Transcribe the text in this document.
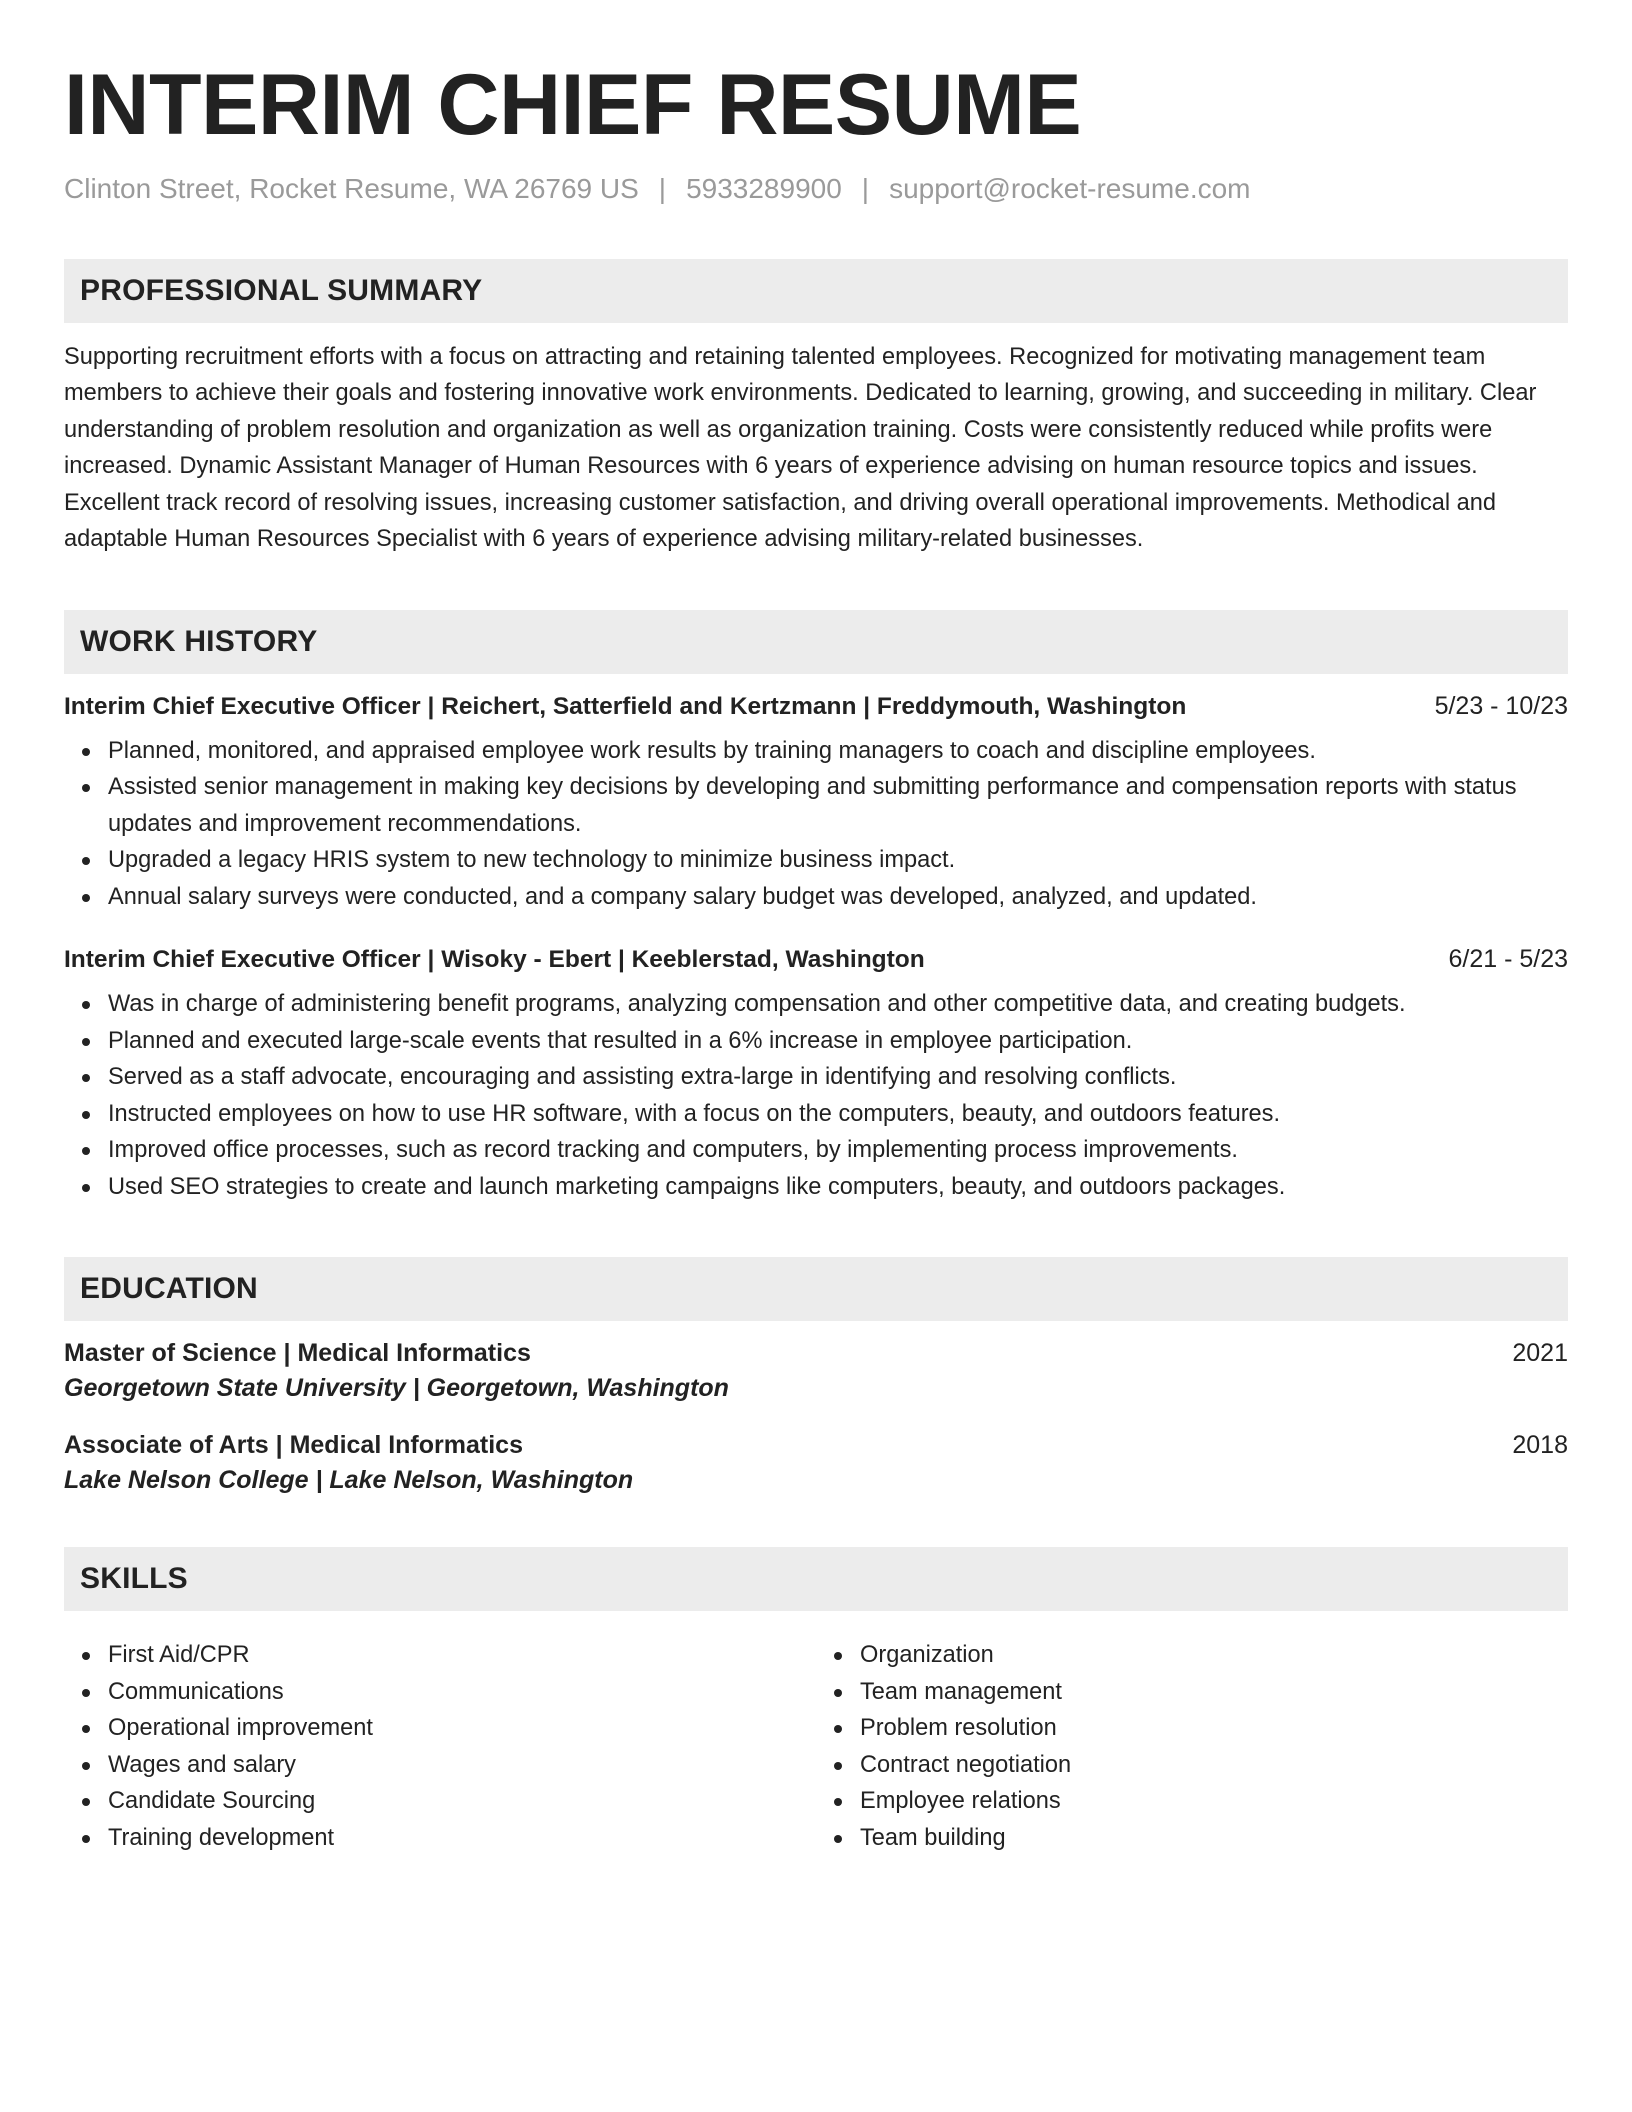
INTERIM CHIEF RESUME
Clinton Street, Rocket Resume, WA 26769 US | 5933289900 | support@rocket-resume.com
PROFESSIONAL SUMMARY

Supporting recruitment efforts with a focus on attracting and retaining talented employees. Recognized for motivating management team members to achieve their goals and fostering innovative work environments. Dedicated to learning, growing, and succeeding in military. Clear understanding of problem resolution and organization as well as organization training. Costs were consistently reduced while profits were increased. Dynamic Assistant Manager of Human Resources with 6 years of experience advising on human resource topics and issues. Excellent track record of resolving issues, increasing customer satisfaction, and driving overall operational improvements. Methodical and adaptable Human Resources Specialist with 6 years of experience advising military-related businesses.

WORK HISTORY
Interim Chief Executive Officer | Reichert, Satterfield and Kertzmann | Freddymouth, Washington	5/23 - 10/23
Planned, monitored, and appraised employee work results by training managers to coach and discipline employees.
Assisted senior management in making key decisions by developing and submitting performance and compensation reports with status updates and improvement recommendations.
Upgraded a legacy HRIS system to new technology to minimize business impact.
Annual salary surveys were conducted, and a company salary budget was developed, analyzed, and updated.
Interim Chief Executive Officer | Wisoky - Ebert | Keeblerstad, Washington	6/21 - 5/23
Was in charge of administering benefit programs, analyzing compensation and other competitive data, and creating budgets.
Planned and executed large-scale events that resulted in a 6% increase in employee participation.
Served as a staff advocate, encouraging and assisting extra-large in identifying and resolving conflicts.
Instructed employees on how to use HR software, with a focus on the computers, beauty, and outdoors features.
Improved office processes, such as record tracking and computers, by implementing process improvements.
Used SEO strategies to create and launch marketing campaigns like computers, beauty, and outdoors packages.
EDUCATION
Master of Science | Medical Informatics	2021
Georgetown State University | Georgetown, Washington
Associate of Arts | Medical Informatics	2018
Lake Nelson College | Lake Nelson, Washington
SKILLS
First Aid/CPR
Communications
Operational improvement
Wages and salary
Candidate Sourcing
Training development
Organization
Team management
Problem resolution
Contract negotiation
Employee relations
Team building
